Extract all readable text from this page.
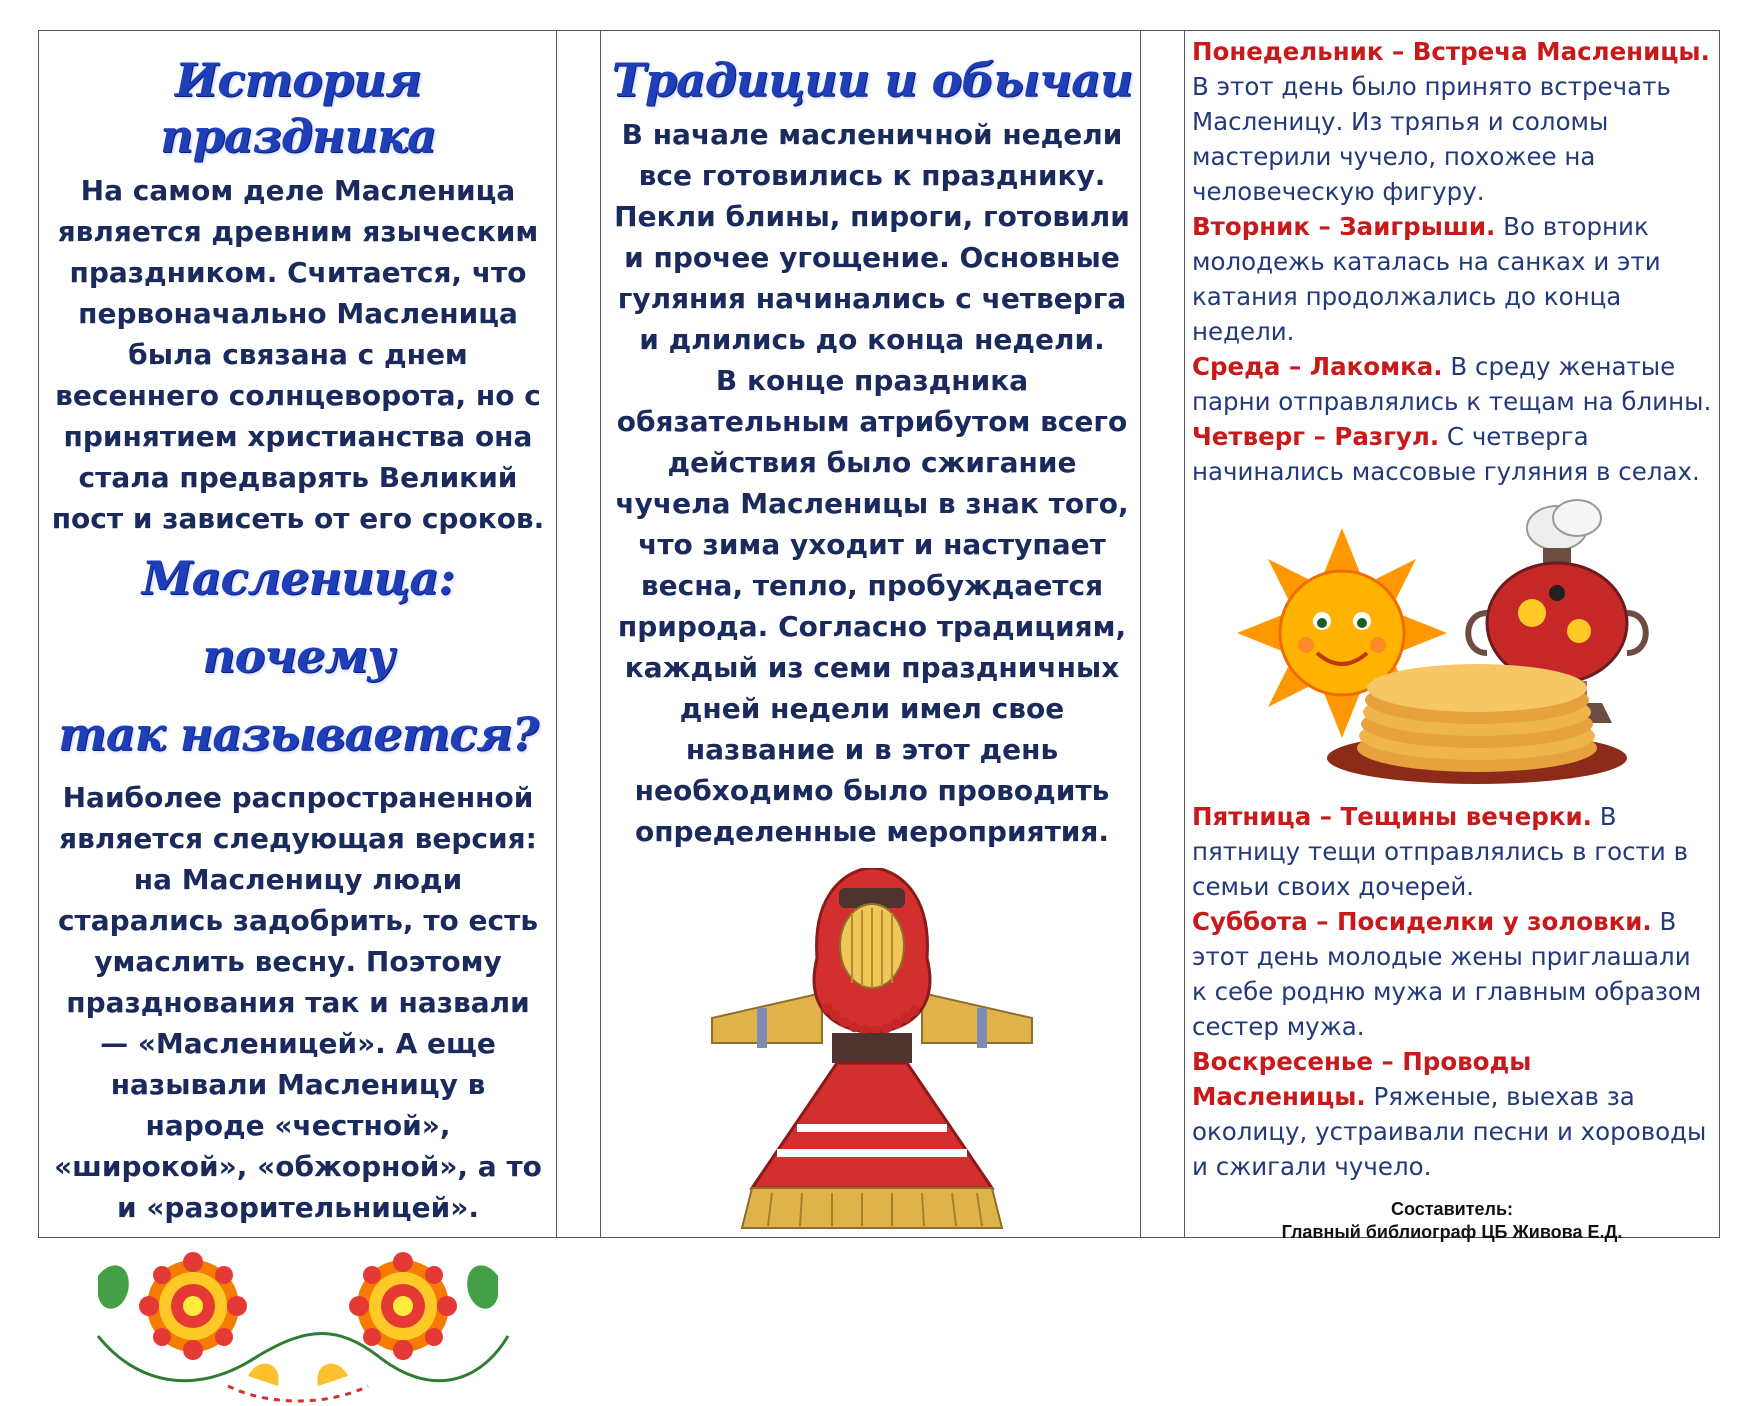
История праздника

На самом деле Масленица является древним языческим праздником. Считается, что первоначально Масленица была связана с днем весеннего солнцеворота, но с принятием христианства она стала предварять Великий пост и зависеть от его сроков.

Масленица: почему
так называется?

Наиболее распространенной является следующая версия: на Масленицу люди старались задобрить, то есть умаслить весну. Поэтому празднования так и назвали — «Масленицей». А еще называли Масленицу в народе «честной», «широкой», «обжорной», а то и «разорительницей».

Традиции и обычаи

В начале масленичной недели все готовились к празднику. Пекли блины, пироги, готовили и прочее угощение. Основные гуляния начинались с четверга и длились до конца недели.

В конце праздника обязательным атрибутом всего действия было сжигание чучела Масленицы в знак того, что зима уходит и наступает весна, тепло, пробуждается природа. Согласно традициям, каждый из семи праздничных дней недели имел свое название и в этот день необходимо было проводить определенные мероприятия.

Понедельник – Встреча Масленицы. В этот день было принято встречать Масленицу. Из тряпья и соломы мастерили чучело, похожее на человеческую фигуру.

Вторник – Заигрыши. Во вторник молодежь каталась на санках и эти катания продолжались до конца недели.

Среда – Лакомка. В среду женатые парни отправлялись к тещам на блины.

Четверг – Разгул. С четверга начинались массовые гуляния в селах.

Пятница – Тещины вечерки. В пятницу тещи отправлялись в гости в семьи своих дочерей.

Суббота – Посиделки у золовки. В этот день молодые жены приглашали к себе родню мужа и главным образом сестер мужа.

Воскресенье – Проводы Масленицы. Ряженые, выехав за околицу, устраивали песни и хороводы и сжигали чучело.

Составитель:
Главный библиограф ЦБ Живова Е.Д.
